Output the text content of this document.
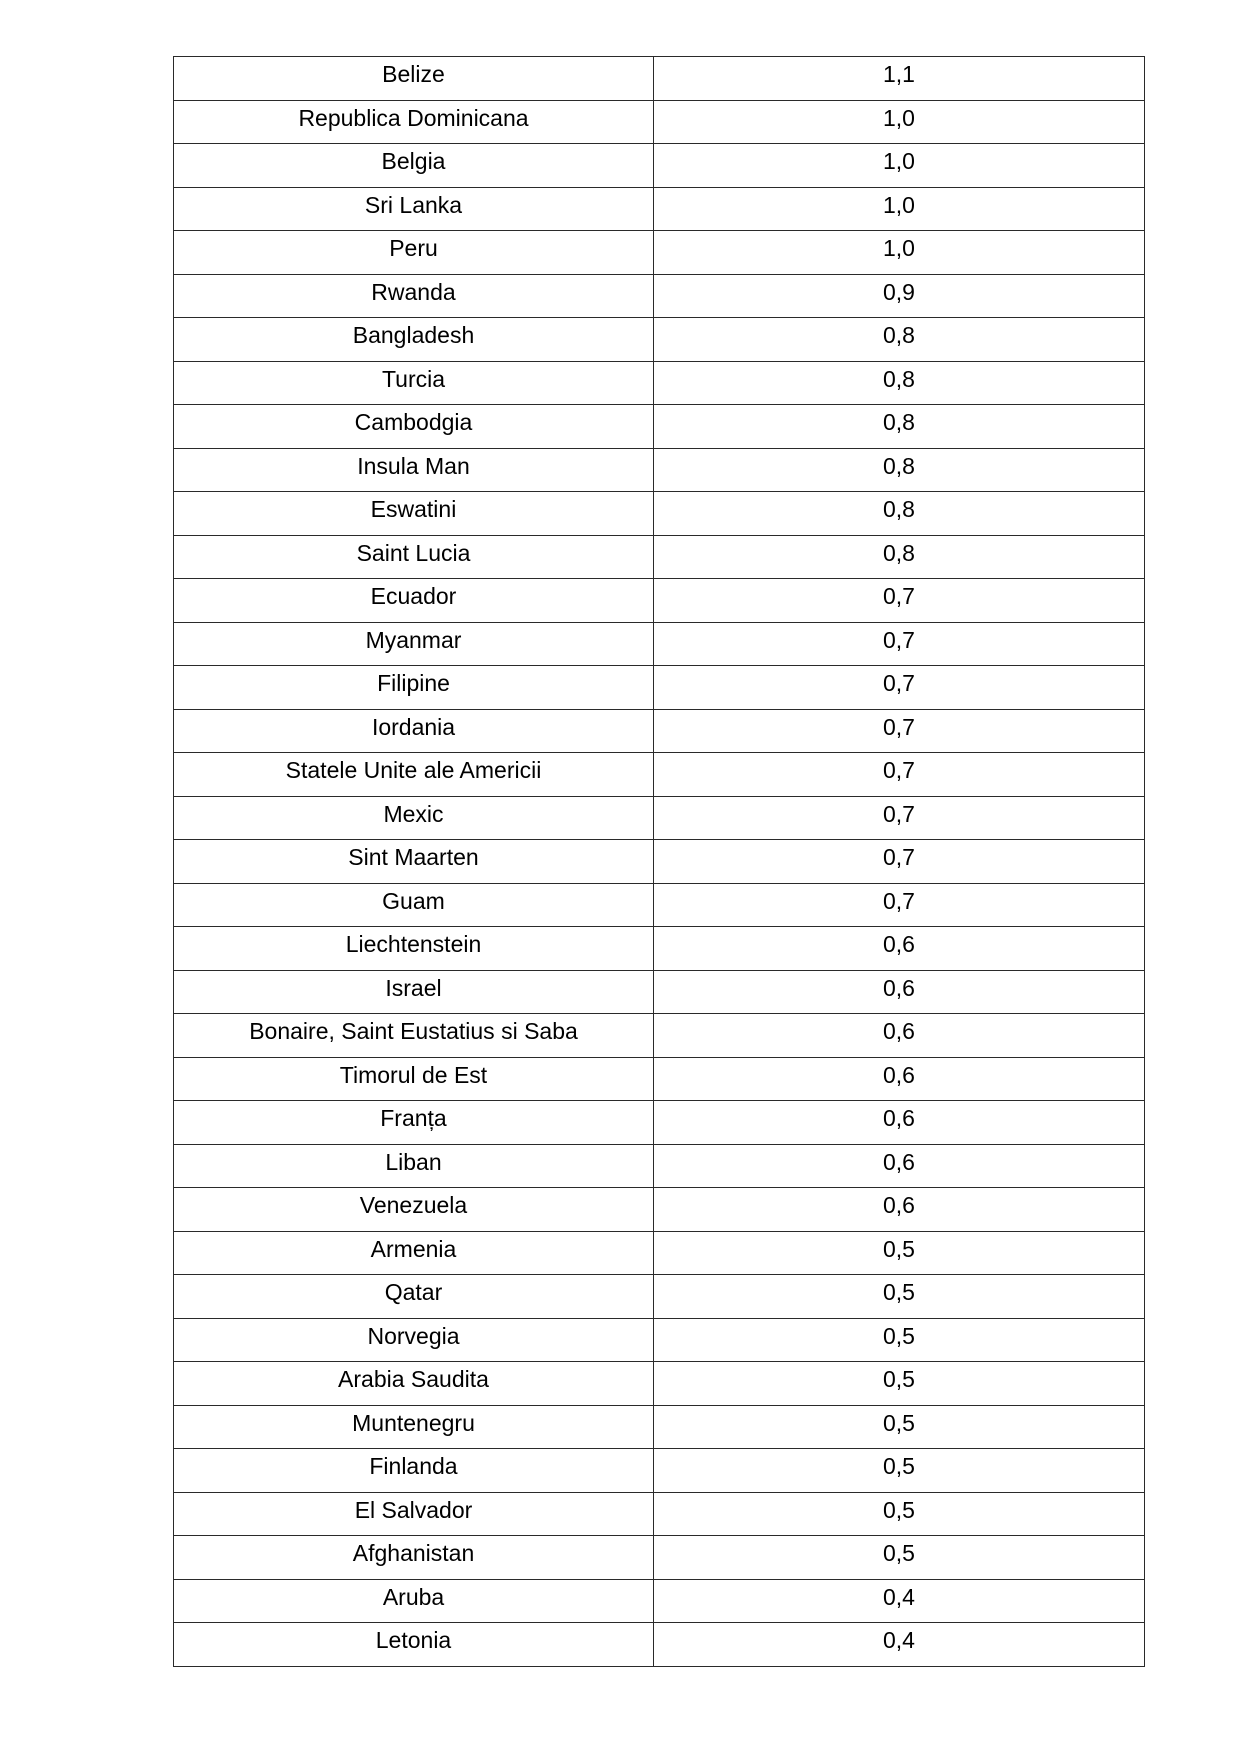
Belize	1,1
Republica Dominicana	1,0
Belgia	1,0
Sri Lanka	1,0
Peru	1,0
Rwanda	0,9
Bangladesh	0,8
Turcia	0,8
Cambodgia	0,8
Insula Man	0,8
Eswatini	0,8
Saint Lucia	0,8
Ecuador	0,7
Myanmar	0,7
Filipine	0,7
Iordania	0,7
Statele Unite ale Americii	0,7
Mexic	0,7
Sint Maarten	0,7
Guam	0,7
Liechtenstein	0,6
Israel	0,6
Bonaire, Saint Eustatius si Saba	0,6
Timorul de Est	0,6
Franța	0,6
Liban	0,6
Venezuela	0,6
Armenia	0,5
Qatar	0,5
Norvegia	0,5
Arabia Saudita	0,5
Muntenegru	0,5
Finlanda	0,5
El Salvador	0,5
Afghanistan	0,5
Aruba	0,4
Letonia	0,4
